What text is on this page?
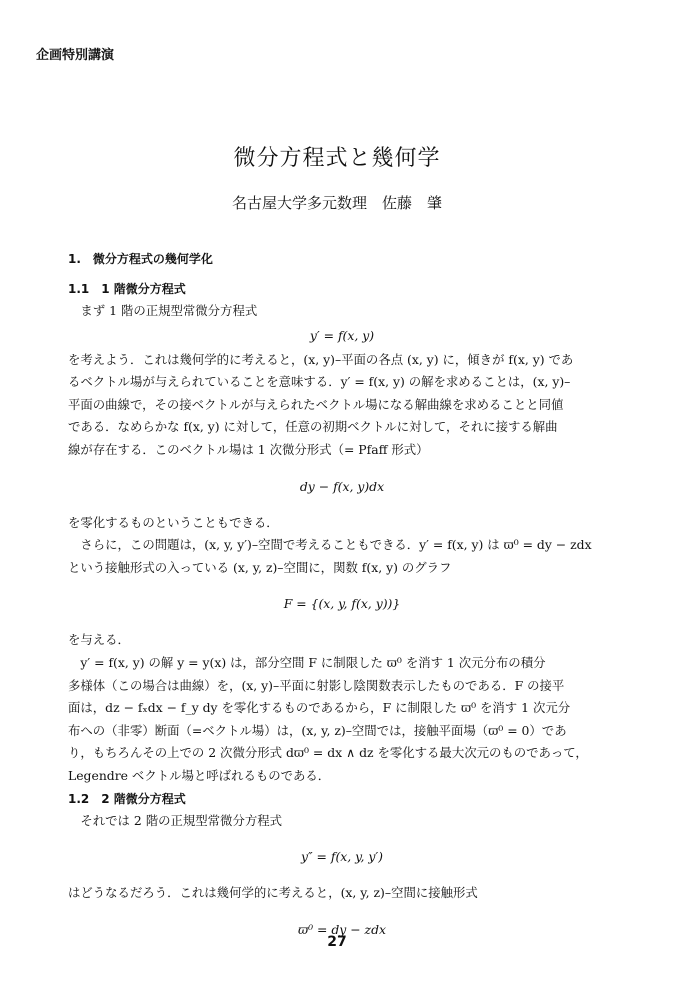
企画特別講演
微分方程式と幾何学
名古屋大学多元数理　佐藤　肇

1.　微分方程式の幾何学化

1.1　1 階微分方程式

まず 1 階の正規型常微分方程式

y′ = f(x, y)

を考えよう．これは幾何学的に考えると，(x, y)–平面の各点 (x, y) に，傾きが f(x, y) であ
るベクトル場が与えられていることを意味する．y′ = f(x, y) の解を求めることは，(x, y)–
平面の曲線で，その接ベクトルが与えられたベクトル場になる解曲線を求めることと同値
である．なめらかな f(x, y) に対して，任意の初期ベクトルに対して，それに接する解曲
線が存在する．このベクトル場は 1 次微分形式（= Pfaff 形式）

dy − f(x, y)dx

を零化するものということもできる．
さらに，この問題は，(x, y, y′)–空間で考えることもできる．y′ = f(x, y) は ϖ⁰ = dy − zdx
という接触形式の入っている (x, y, z)–空間に，関数 f(x, y) のグラフ

F = {(x, y, f(x, y))}

を与える．
y′ = f(x, y) の解 y = y(x) は，部分空間 F に制限した ϖ⁰ を消す 1 次元分布の積分
多様体（この場合は曲線）を，(x, y)–平面に射影し陰関数表示したものである．F の接平
面は，dz − fₓdx − f_y dy を零化するものであるから，F に制限した ϖ⁰ を消す 1 次元分
布への（非零）断面（=ベクトル場）は，(x, y, z)–空間では，接触平面場（ϖ⁰ = 0）であ
り，もちろんその上での 2 次微分形式 dϖ⁰ = dx ∧ dz を零化する最大次元のものであって，
Legendre ベクトル場と呼ばれるものである．

1.2　2 階微分方程式

それでは 2 階の正規型常微分方程式

y″ = f(x, y, y′)

はどうなるだろう．これは幾何学的に考えると，(x, y, z)–空間に接触形式

ϖ⁰ = dy − zdx

27
